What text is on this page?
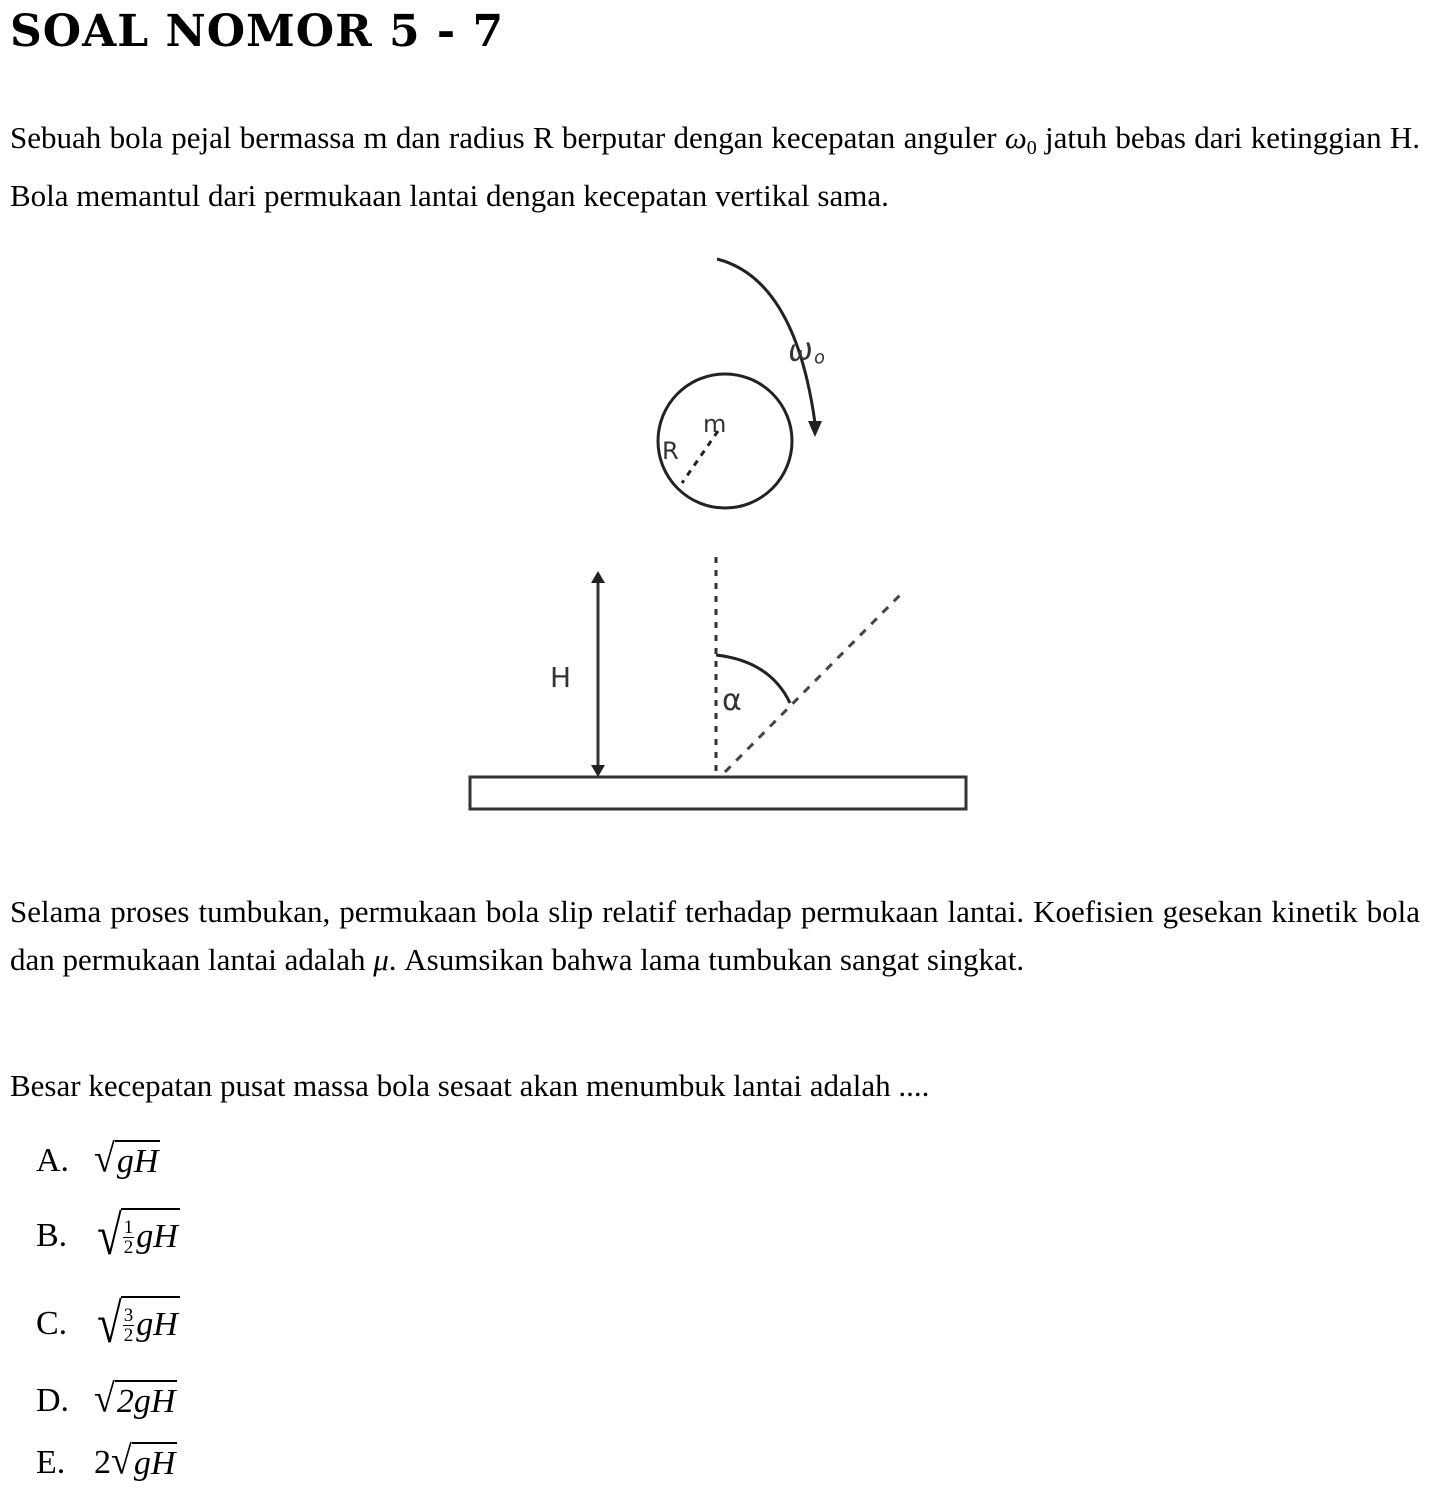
SOAL NOMOR 5 - 7
Sebuah bola pejal bermassa m dan radius R berputar dengan kecepatan anguler $\omega_0$ jatuh bebas dari ketinggian H. Bola memantul dari permukaan lantai dengan kecepatan vertikal sama.
R
m
$\omega_o$
H
α
Selama proses tumbukan, permukaan bola slip relatif terhadap permukaan lantai. Koefisien gesekan kinetik bola dan permukaan lantai adalah μ. Asumsikan bahwa lama tumbukan sangat singkat.
Besar kecepatan pusat massa bola sesaat akan menumbuk lantai adalah ....
A. √ gH
B. √ $\frac{1}{2}$ gH
C. √ $\frac{3}{2}$ gH
D. √ 2gH
E. 2 √ gH
